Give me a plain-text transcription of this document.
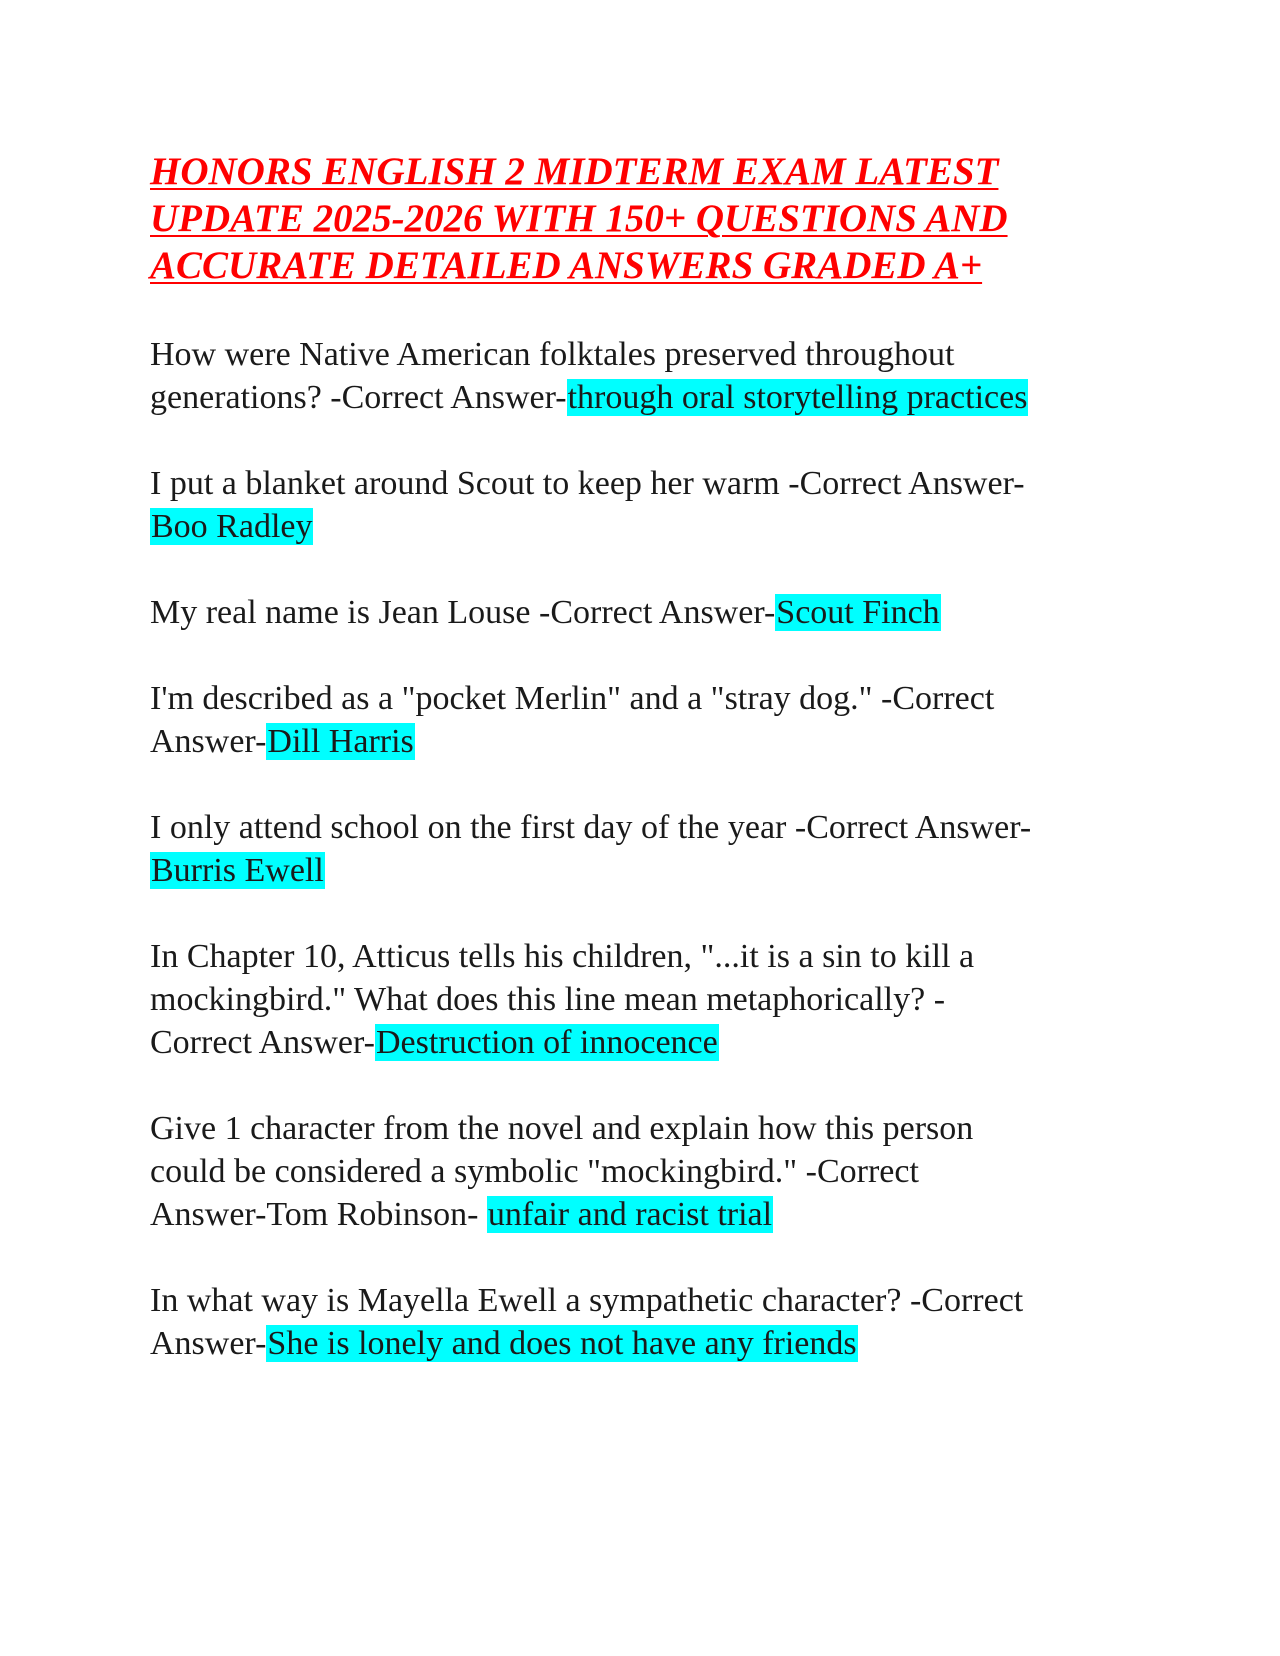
HONORS ENGLISH 2 MIDTERM EXAM LATEST
UPDATE 2025-2026 WITH 150+ QUESTIONS AND
ACCURATE DETAILED ANSWERS GRADED A+

How were Native American folktales preserved throughout
generations? -Correct Answer-through oral storytelling practices

I put a blanket around Scout to keep her warm -Correct Answer-
Boo Radley

My real name is Jean Louse -Correct Answer-Scout Finch

I'm described as a "pocket Merlin" and a "stray dog." -Correct
Answer-Dill Harris

I only attend school on the first day of the year -Correct Answer-
Burris Ewell

In Chapter 10, Atticus tells his children, "...it is a sin to kill a
mockingbird." What does this line mean metaphorically? -
Correct Answer-Destruction of innocence

Give 1 character from the novel and explain how this person
could be considered a symbolic "mockingbird." -Correct
Answer-Tom Robinson- unfair and racist trial

In what way is Mayella Ewell a sympathetic character? -Correct
Answer-She is lonely and does not have any friends
